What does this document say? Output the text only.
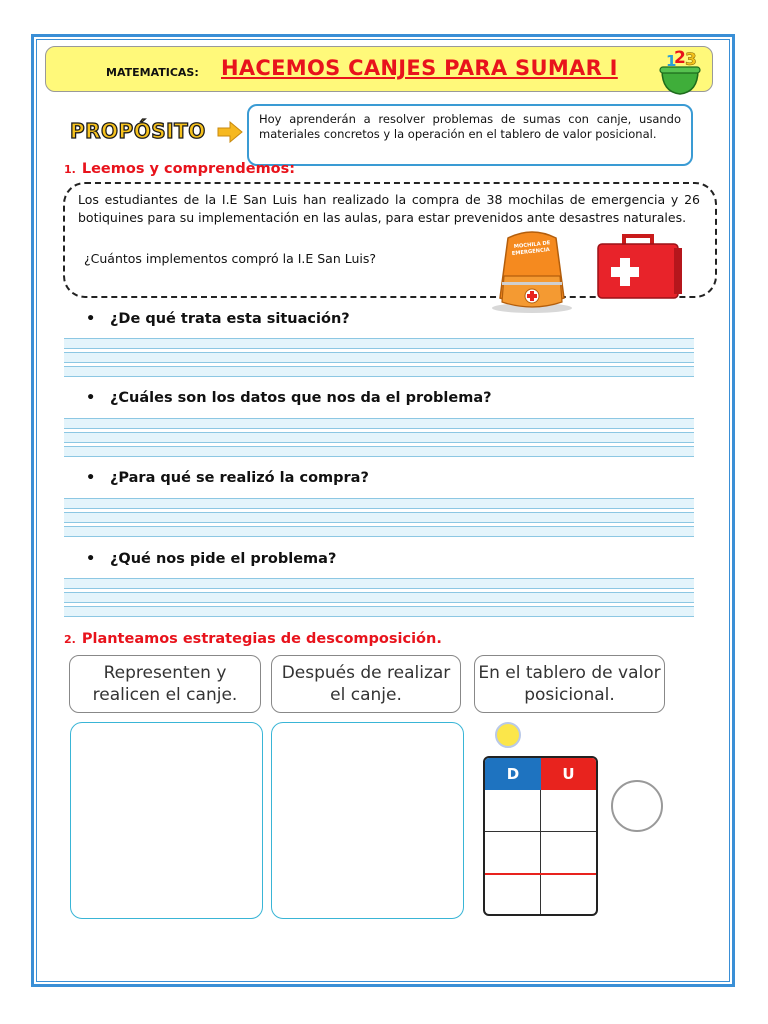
MATEMATICAS: HACEMOS CANJES PARA SUMAR I	1
2 3
PROPÓSITO	Hoy aprenderán a resolver problemas de sumas con canje, usando materiales concretos y la operación en el tablero de valor posicional.
1. Leemos y comprendemos:
Los estudiantes de la I.E San Luis han realizado la compra de 38 mochilas de emergencia y 26 botiquines para su implementación en las aulas, para estar prevenidos ante desastres naturales.
¿Cuántos implementos compró la I.E San Luis?
MOCHILA DE
EMERGENCIA
• ¿De qué trata esta situación?
• ¿Cuáles son los datos que nos da el problema?
• ¿Para qué se realizó la compra?
• ¿Qué nos pide el problema?
2. Planteamos estrategias de descomposición.
Representen y realicen el canje.
Después de realizar el canje.
En el tablero de valor posicional.
D	U
